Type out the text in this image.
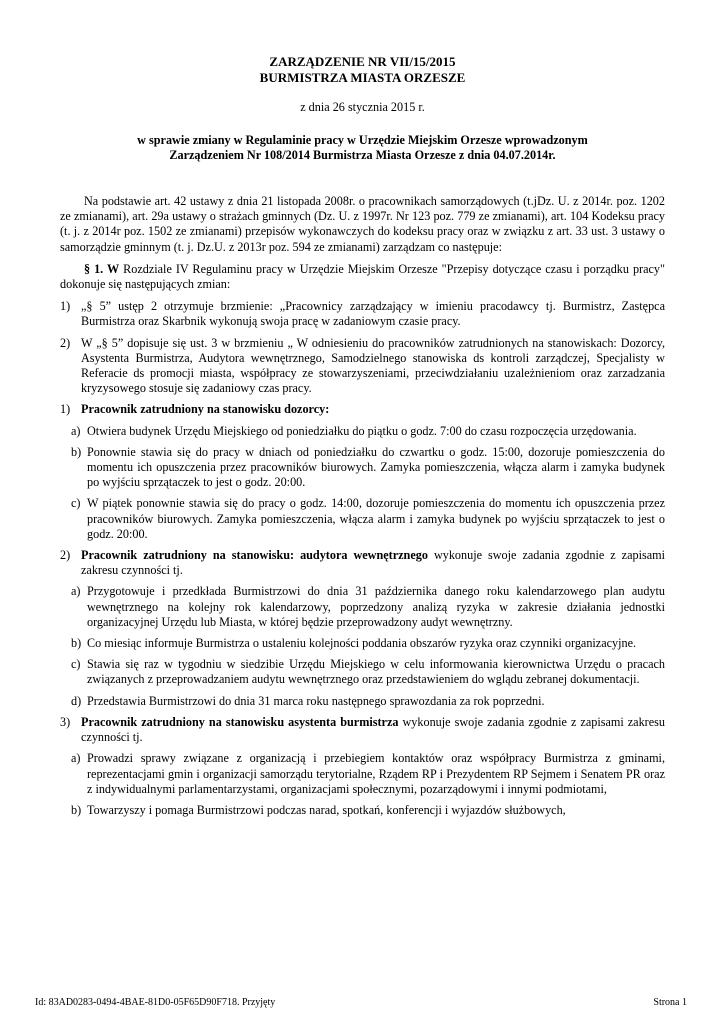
ZARZĄDZENIE NR VII/15/2015
BURMISTRZA MIASTA ORZESZE
z dnia 26 stycznia 2015 r.
w sprawie zmiany w Regulaminie pracy w Urzędzie Miejskim Orzesze wprowadzonym
Zarządzeniem Nr 108/2014 Burmistrza Miasta Orzesze z dnia 04.07.2014r.

Na podstawie art. 42 ustawy z dnia 21 listopada 2008r. o pracownikach samorządowych (t.jDz. U. z 2014r. poz. 1202 ze zmianami), art. 29a ustawy o strażach gminnych (Dz. U. z 1997r. Nr 123 poz. 779 ze zmianami), art. 104 Kodeksu pracy (t. j. z 2014r poz. 1502 ze zmianami) przepisów wykonawczych do kodeksu pracy oraz w związku z art. 33 ust. 3 ustawy o samorządzie gminnym (t. j. Dz.U. z 2013r poz. 594 ze zmianami) zarządzam co następuje:

§ 1. W Rozdziale IV Regulaminu pracy w Urzędzie Miejskim Orzesze "Przepisy dotyczące czasu i porządku pracy" dokonuje się następujących zmian:

1) „§ 5” ustęp 2 otrzymuje brzmienie: „Pracownicy zarządzający w imieniu pracodawcy tj. Burmistrz, Zastępca Burmistrza oraz Skarbnik wykonują swoja pracę w zadaniowym czasie pracy.
2) W „§ 5” dopisuje się ust. 3 w brzmieniu „ W odniesieniu do pracowników zatrudnionych na stanowiskach: Dozorcy, Asystenta Burmistrza, Audytora wewnętrznego, Samodzielnego stanowiska ds kontroli zarządczej, Specjalisty w Referacie ds promocji miasta, współpracy ze stowarzyszeniami, przeciwdziałaniu uzależnieniom oraz zarzadzania kryzysowego stosuje się zadaniowy czas pracy.
1) Pracownik zatrudniony na stanowisku dozorcy:
a) Otwiera budynek Urzędu Miejskiego od poniedziałku do piątku o godz. 7:00 do czasu rozpoczęcia urzędowania.
b) Ponownie stawia się do pracy w dniach od poniedziałku do czwartku o godz. 15:00, dozoruje pomieszczenia do momentu ich opuszczenia przez pracowników biurowych. Zamyka pomieszczenia, włącza alarm i zamyka budynek po wyjściu sprzątaczek to jest o godz. 20:00.
c) W piątek ponownie stawia się do pracy o godz. 14:00, dozoruje pomieszczenia do momentu ich opuszczenia przez pracowników biurowych. Zamyka pomieszczenia, włącza alarm i zamyka budynek po wyjściu sprzątaczek to jest o godz. 20:00.
2) Pracownik zatrudniony na stanowisku: audytora wewnętrznego wykonuje swoje zadania zgodnie z zapisami zakresu czynności tj.
a) Przygotowuje i przedkłada Burmistrzowi do dnia 31 października danego roku kalendarzowego plan audytu wewnętrznego na kolejny rok kalendarzowy, poprzedzony analizą ryzyka w zakresie działania jednostki organizacyjnej Urzędu lub Miasta, w której będzie przeprowadzony audyt wewnętrzny.
b) Co miesiąc informuje Burmistrza o ustaleniu kolejności poddania obszarów ryzyka oraz czynniki organizacyjne.
c) Stawia się raz w tygodniu w siedzibie Urzędu Miejskiego w celu informowania kierownictwa Urzędu o pracach związanych z przeprowadzaniem audytu wewnętrznego oraz przedstawieniem do wglądu zebranej dokumentacji.
d) Przedstawia Burmistrzowi do dnia 31 marca roku następnego sprawozdania za rok poprzedni.
3) Pracownik zatrudniony na stanowisku asystenta burmistrza wykonuje swoje zadania zgodnie z zapisami zakresu czynności tj.
a) Prowadzi sprawy związane z organizacją i przebiegiem kontaktów oraz współpracy Burmistrza z gminami, reprezentacjami gmin i organizacji samorządu terytorialne, Rządem RP i Prezydentem RP Sejmem i Senatem PR oraz z indywidualnymi parlamentarzystami, organizacjami społecznymi, pozarządowymi i innymi podmiotami,
b) Towarzyszy i pomaga Burmistrzowi podczas narad, spotkań, konferencji i wyjazdów służbowych,
Id: 83AD0283-0494-4BAE-81D0-05F65D90F718. Przyjęty	Strona 1
